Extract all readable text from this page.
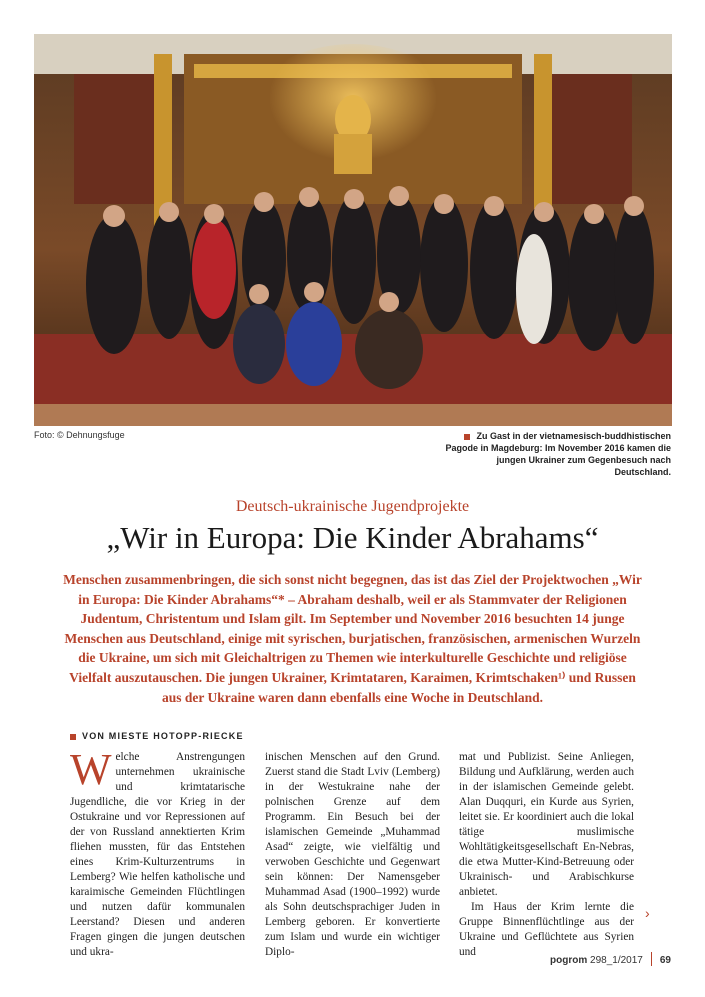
Foto: © Dehnungsfuge	Zu Gast in der vietnamesisch-buddhistischen Pagode in Magdeburg: Im November 2016 kamen die jungen Ukrainer zum Gegenbesuch nach Deutschland.
Deutsch-ukrainische Jugendprojekte
„Wir in Europa: Die Kinder Abrahams“

Menschen zusammenbringen, die sich sonst nicht begegnen, das ist das Ziel der Projektwochen „Wir in Europa: Die Kinder Abrahams“* – Abraham deshalb, weil er als Stammvater der Religionen Judentum, Christentum und Islam gilt. Im September und November 2016 besuchten 14 junge Menschen aus Deutschland, einige mit syrischen, burjatischen, französischen, armenischen Wurzeln die Ukraine, um sich mit Gleichaltrigen zu Themen wie interkulturelle Geschichte und religiöse Vielfalt auszutauschen. Die jungen Ukrainer, Krimtataren, Karaimen, Krimtschaken¹⁾ und Russen aus der Ukraine waren dann ebenfalls eine Woche in Deutschland.

VON MIESTE HOTOPP-RIECKE

Welche Anstrengungen unternehmen ukrainische und krimtatarische Jugendliche, die vor Krieg in der Ostukraine und vor Repressionen auf der von Russland annektierten Krim fliehen mussten, für das Entstehen eines Krim-Kulturzentrums in Lemberg? Wie helfen katholische und karaimische Gemeinden Flüchtlingen und nutzen dafür kommunalen Leerstand? Diesen und anderen Fragen gingen die jungen deutschen und ukra-

inischen Menschen auf den Grund. Zuerst stand die Stadt Lviv (Lemberg) in der Westukraine nahe der polnischen Grenze auf dem Programm. Ein Besuch bei der islamischen Gemeinde „Muhammad Asad“ zeigte, wie vielfältig und verwoben Geschichte und Gegenwart sein können: Der Namensgeber Muhammad Asad (1900–1992) wurde als Sohn deutschsprachiger Juden in Lemberg geboren. Er konvertierte zum Islam und wurde ein wichtiger Diplo-

mat und Publizist. Seine Anliegen, Bildung und Aufklärung, werden auch in der islamischen Gemeinde gelebt. Alan Duqquri, ein Kurde aus Syrien, leitet sie. Er koordiniert auch die lokal tätige muslimische Wohltätigkeitsgesellschaft En-Nebras, die etwa Mutter-Kind-Betreuung oder Ukrainisch- und Arabischkurse anbietet.

Im Haus der Krim lernte die Gruppe Binnenflüchtlinge aus der Ukraine und Geflüchtete aus Syrien und

›
pogrom 298_1/2017 69
